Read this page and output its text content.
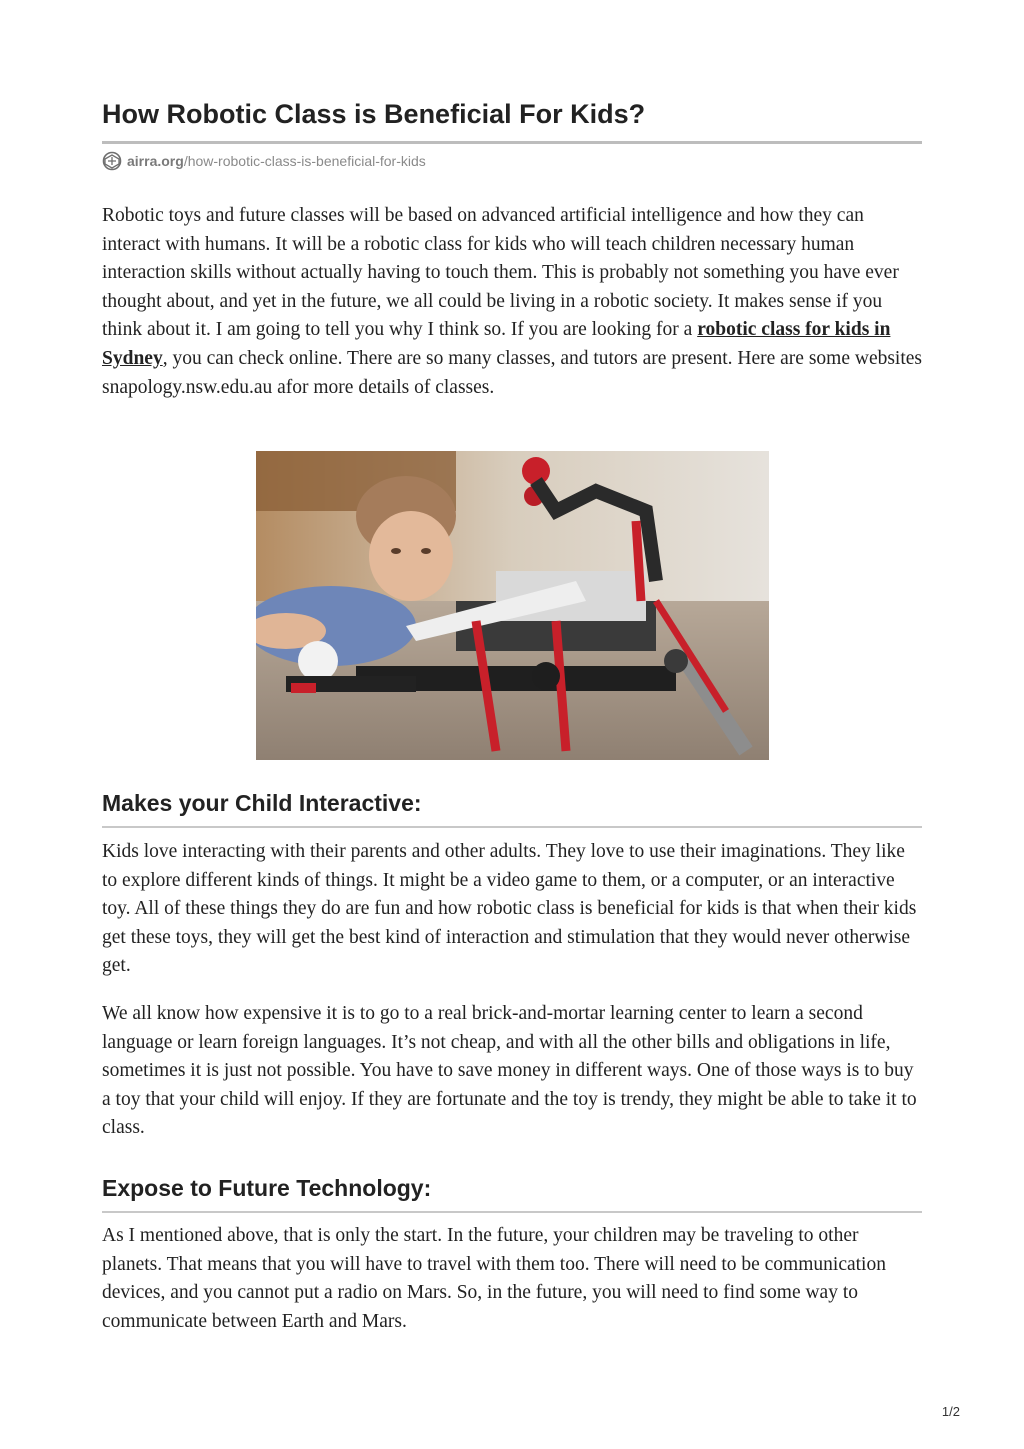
How Robotic Class is Beneficial For Kids?
airra.org /how-robotic-class-is-beneficial-for-kids

Robotic toys and future classes will be based on advanced artificial intelligence and how they can interact with humans. It will be a robotic class for kids who will teach children necessary human interaction skills without actually having to touch them. This is probably not something you have ever thought about, and yet in the future, we all could be living in a robotic society. It makes sense if you think about it. I am going to tell you why I think so. If you are looking for a robotic class for kids in Sydney, you can check online. There are so many classes, and tutors are present. Here are some websites snapology.nsw.edu.au afor more details of classes.

Makes your Child Interactive:

Kids love interacting with their parents and other adults. They love to use their imaginations. They like to explore different kinds of things. It might be a video game to them, or a computer, or an interactive toy. All of these things they do are fun and how robotic class is beneficial for kids is that when their kids get these toys, they will get the best kind of interaction and stimulation that they would never otherwise get.

We all know how expensive it is to go to a real brick-and-mortar learning center to learn a second language or learn foreign languages. It’s not cheap, and with all the other bills and obligations in life, sometimes it is just not possible. You have to save money in different ways. One of those ways is to buy a toy that your child will enjoy. If they are fortunate and the toy is trendy, they might be able to take it to class.

Expose to Future Technology:

As I mentioned above, that is only the start. In the future, your children may be traveling to other planets. That means that you will have to travel with them too. There will need to be communication devices, and you cannot put a radio on Mars. So, in the future, you will need to find some way to communicate between Earth and Mars.

1/2
